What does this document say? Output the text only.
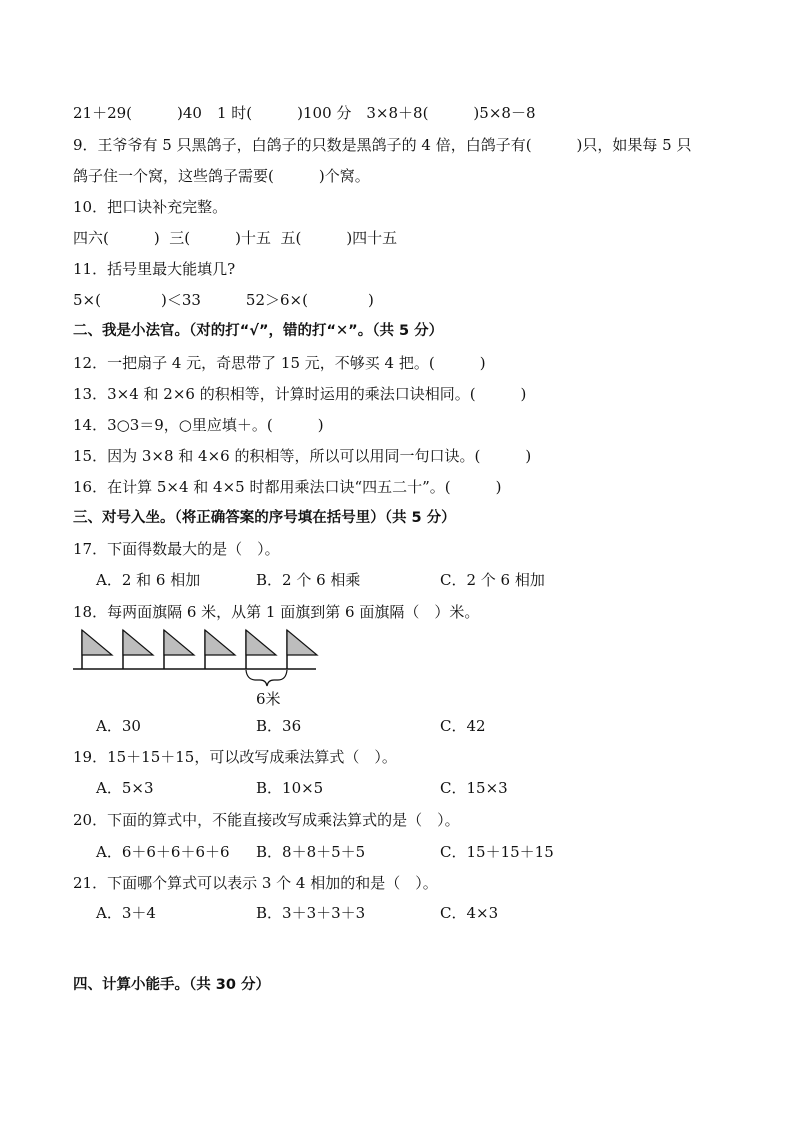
21＋29(　　　)40　1 时(　　　)100 分　3×8＋8(　　　)5×8－8
9．王爷爷有 5 只黑鸽子，白鸽子的只数是黑鸽子的 4 倍，白鸽子有(　　　)只，如果每 5 只
鸽子住一个窝，这些鸽子需要(　　　)个窝。
10．把口诀补充完整。
四六(　　　)  三(　　　)十五  五(　　　)四十五
11．括号里最大能填几?
5×(　　　　)＜33　　　52＞6×(　　　　)
二、我是小法官。（对的打“√”，错的打“✕”。（共 5 分）
12．一把扇子 4 元，奇思带了 15 元，不够买 4 把。(　　　)
13．3×4 和 2×6 的积相等，计算时运用的乘法口诀相同。(　　　)
14．3○3＝9，○里应填＋。(　　　)
15．因为 3×8 和 4×6 的积相等，所以可以用同一句口诀。(　　　)
16．在计算 5×4 和 4×5 时都用乘法口诀“四五二十”。(　　　)
三、对号入坐。（将正确答案的序号填在括号里）（共 5 分）
17．下面得数最大的是（　）。
A．2 和 6 相加	B．2 个 6 相乘	C．2 个 6 相加
18．每两面旗隔 6 米，从第 1 面旗到第 6 面旗隔（　）米。
6米
A．30	B．36	C．42
19．15＋15＋15，可以改写成乘法算式（　）。
A．5×3	B．10×5	C．15×3
20．下面的算式中，不能直接改写成乘法算式的是（　）。
A．6＋6＋6＋6＋6 B．8＋8＋5＋5	C．15＋15＋15
21．下面哪个算式可以表示 3 个 4 相加的和是（　）。
A．3＋4	B．3＋3＋3＋3	C．4×3
四、计算小能手。（共 30 分）
